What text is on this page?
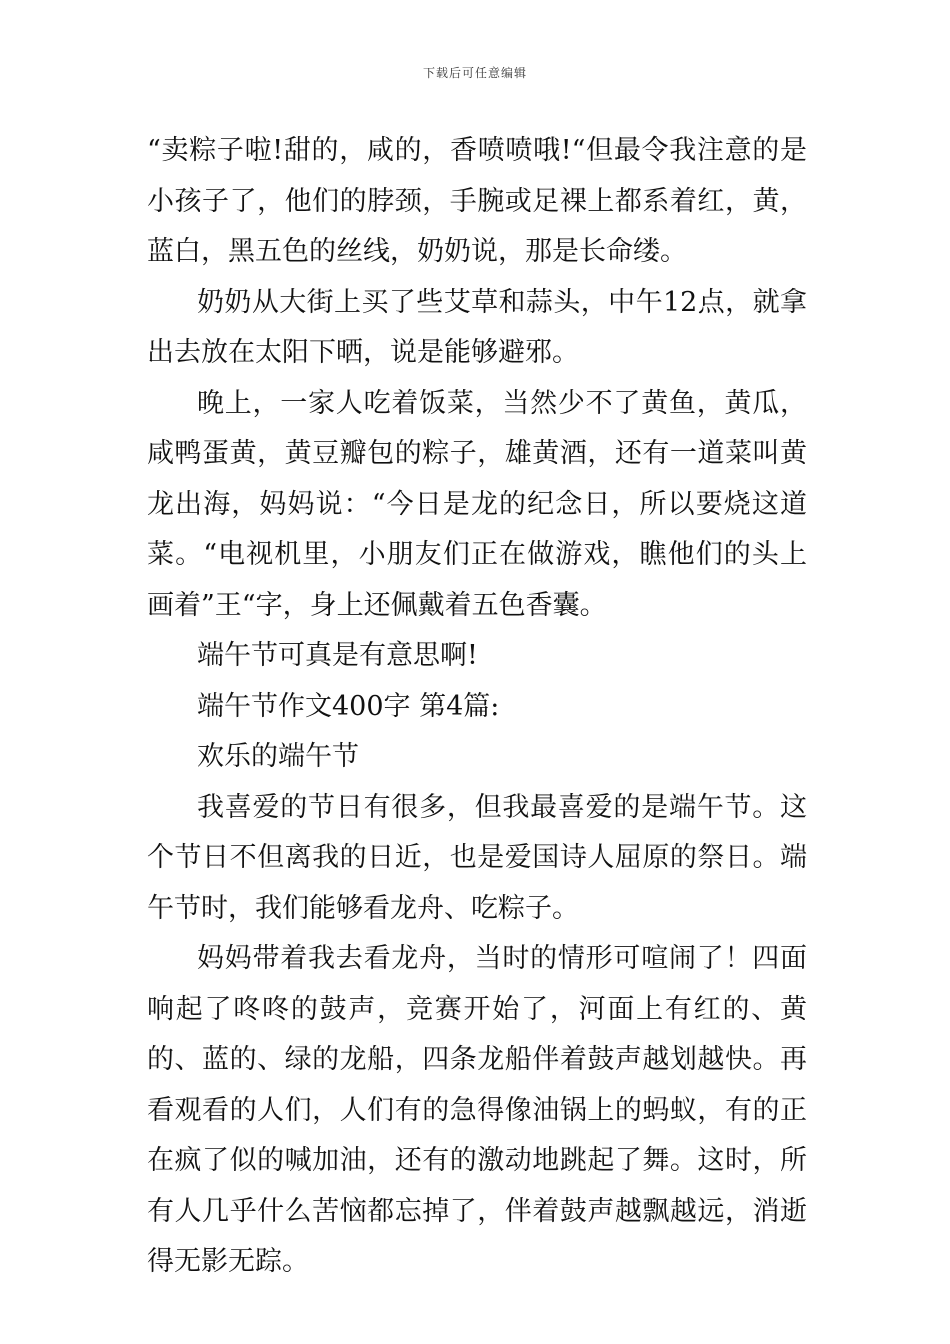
下载后可任意编辑

“卖粽子啦!甜的，咸的，香喷喷哦!“但最令我注意的是小孩子了，他们的脖颈，手腕或足裸上都系着红，黄，蓝白，黑五色的丝线，奶奶说，那是长命缕。

奶奶从大街上买了些艾草和蒜头，中午12点，就拿出去放在太阳下晒，说是能够避邪。

晚上，一家人吃着饭菜，当然少不了黄鱼，黄瓜，咸鸭蛋黄，黄豆瓣包的粽子，雄黄酒，还有一道菜叫黄龙出海，妈妈说：“今日是龙的纪念日，所以要烧这道菜。“电视机里，小朋友们正在做游戏，瞧他们的头上画着”王“字，身上还佩戴着五色香囊。

端午节可真是有意思啊!

端午节作文400字 第4篇:

欢乐的端午节

我喜爱的节日有很多，但我最喜爱的是端午节。这个节日不但离我的日近，也是爱国诗人屈原的祭日。端午节时，我们能够看龙舟、吃粽子。

妈妈带着我去看龙舟，当时的情形可喧闹了！四面响起了咚咚的鼓声，竞赛开始了，河面上有红的、黄的、蓝的、绿的龙船，四条龙船伴着鼓声越划越快。再看观看的人们，人们有的急得像油锅上的蚂蚁，有的正在疯了似的喊加油，还有的激动地跳起了舞。这时，所有人几乎什么苦恼都忘掉了，伴着鼓声越飘越远，消逝得无影无踪。
